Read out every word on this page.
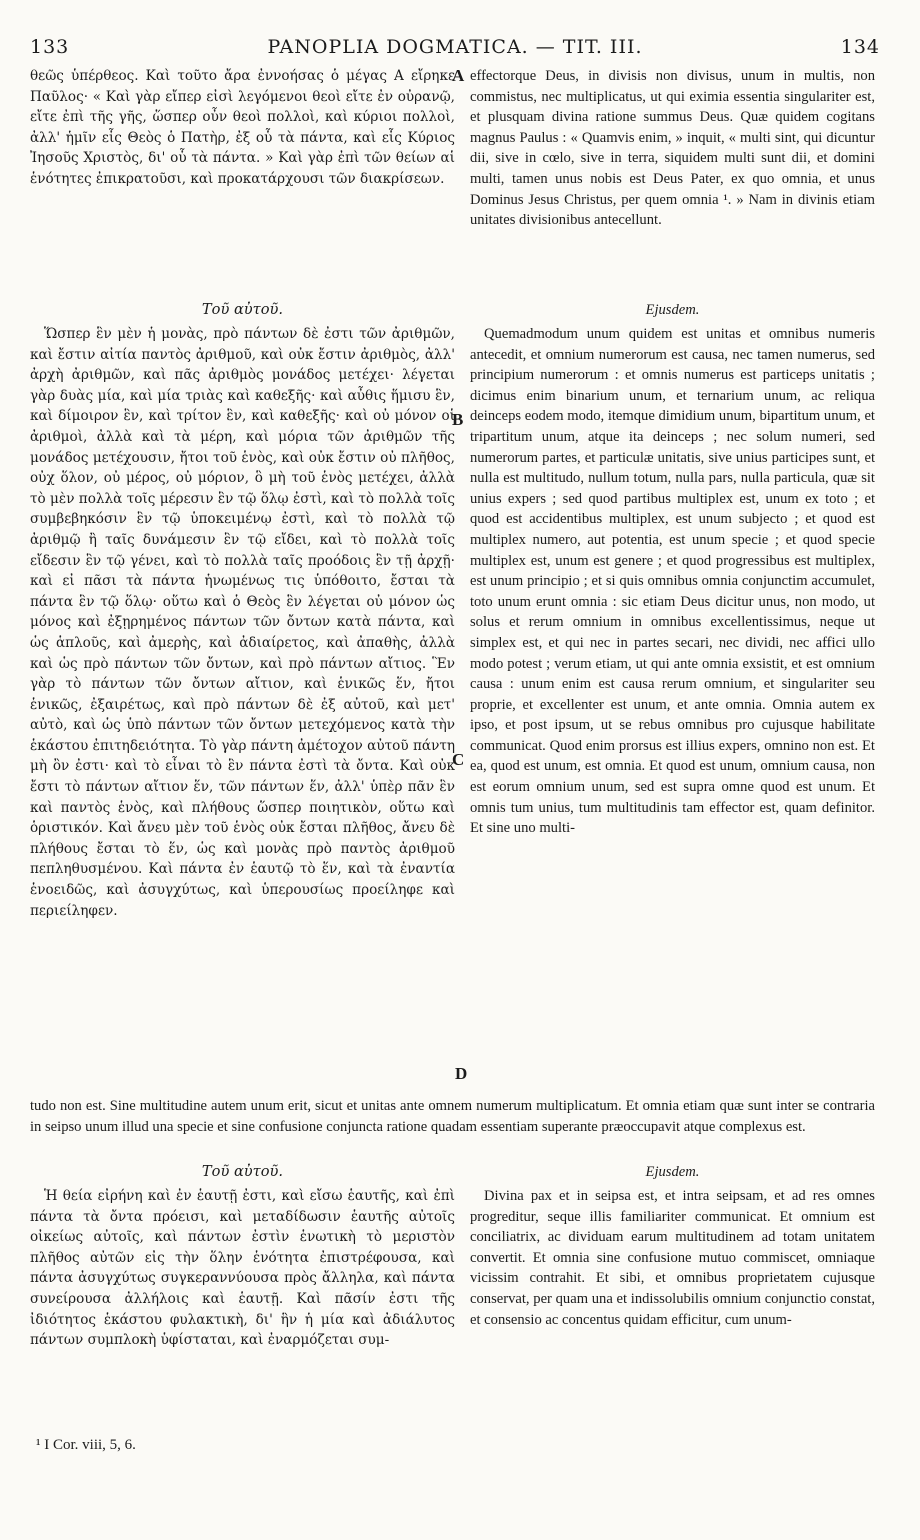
133	PANOPLIA DOGMATICA. — TIT. III.	134

θεῶς ὑπέρθεος. Καὶ τοῦτο ἄρα ἐννοήσας ὁ μέγας Α εἴρηκε Παῦλος· « Καὶ γὰρ εἴπερ εἰσὶ λεγόμενοι θεοὶ εἴτε ἐν οὐρανῷ, εἴτε ἐπὶ τῆς γῆς, ὥσπερ οὖν θεοὶ πολλοὶ, καὶ κύριοι πολλοὶ, ἀλλ' ἡμῖν εἷς Θεὸς ὁ Πατὴρ, ἐξ οὗ τὰ πάντα, καὶ εἷς Κύριος Ἰησοῦς Χριστὸς, δι' οὗ τὰ πάντα. » Καὶ γὰρ ἐπὶ τῶν θείων αἱ ἑνότητες ἐπικρατοῦσι, καὶ προκατάρχουσι τῶν διακρίσεων.

effectorque Deus, in divisis non divisus, unum in multis, non commistus, nec multiplicatus, ut qui eximia essentia singulariter est, et plusquam divina ratione summus Deus. Quæ quidem cogitans magnus Paulus : « Quamvis enim, » inquit, « multi sint, qui dicuntur dii, sive in cœlo, sive in terra, siquidem multi sunt dii, et domini multi, tamen unus nobis est Deus Pater, ex quo omnia, et unus Dominus Jesus Christus, per quem omnia ¹. » Nam in divinis etiam unitates divisionibus antecellunt.

Τοῦ αὐτοῦ.	Ejusdem.

Ὥσπερ ἓν μὲν ἡ μονὰς, πρὸ πάντων δὲ ἐστι τῶν ἀριθμῶν, καὶ ἔστιν αἰτία παντὸς ἀριθμοῦ, καὶ οὐκ ἔστιν ἀριθμὸς, ἀλλ' ἀρχὴ ἀριθμῶν, καὶ πᾶς ἀριθμὸς μονάδος μετέχει· λέγεται γὰρ δυὰς μία, καὶ μία τριὰς καὶ καθεξῆς· καὶ αὖθις ἥμισυ ἓν, καὶ δίμοιρον ἓν, καὶ τρίτον ἓν, καὶ καθεξῆς· καὶ οὐ μόνον οἱ ἀριθμοὶ, ἀλλὰ καὶ τὰ μέρη, καὶ μόρια τῶν ἀριθμῶν τῆς μονάδος μετέχουσιν, ἤτοι τοῦ ἑνὸς, καὶ οὐκ ἔστιν οὐ πλῆθος, οὐχ ὅλον, οὐ μέρος, οὐ μόριον, ὃ μὴ τοῦ ἑνὸς μετέχει, ἀλλὰ τὸ μὲν πολλὰ τοῖς μέρεσιν ἓν τῷ ὅλῳ ἐστὶ, καὶ τὸ πολλὰ τοῖς συμβεβηκόσιν ἓν τῷ ὑποκειμένῳ ἐστὶ, καὶ τὸ πολλὰ τῷ ἀριθμῷ ἢ ταῖς δυνάμεσιν ἓν τῷ εἴδει, καὶ τὸ πολλὰ τοῖς εἴδεσιν ἓν τῷ γένει, καὶ τὸ πολλὰ ταῖς προόδοις ἓν τῇ ἀρχῇ· καὶ εἰ πᾶσι τὰ πάντα ἡνωμένως τις ὑπόθοιτο, ἔσται τὰ πάντα ἓν τῷ ὅλῳ· οὕτω καὶ ὁ Θεὸς ἓν λέγεται οὐ μόνον ὡς μόνος καὶ ἐξῃρημένος πάντων τῶν ὄντων κατὰ πάντα, καὶ ὡς ἁπλοῦς, καὶ ἀμερὴς, καὶ ἀδιαίρετος, καὶ ἀπαθὴς, ἀλλὰ καὶ ὡς πρὸ πάντων τῶν ὄντων, καὶ πρὸ πάντων αἴτιος. Ἓν γὰρ τὸ πάντων τῶν ὄντων αἴτιον, καὶ ἑνικῶς ἕν, ἤτοι ἑνικῶς, ἐξαιρέτως, καὶ πρὸ πάντων δὲ ἐξ αὐτοῦ, καὶ μετ' αὐτὸ, καὶ ὡς ὑπὸ πάντων τῶν ὄντων μετεχόμενος κατὰ τὴν ἑκάστου ἐπιτηδειότητα. Τὸ γὰρ πάντη ἀμέτοχον αὐτοῦ πάντη μὴ ὂν ἐστι· καὶ τὸ εἶναι τὸ ἓν πάντα ἐστὶ τὰ ὄντα. Καὶ οὐκ ἔστι τὸ πάντων αἴτιον ἕν, τῶν πάντων ἕν, ἀλλ' ὑπὲρ πᾶν ἓν καὶ παντὸς ἑνὸς, καὶ πλήθους ὥσπερ ποιητικὸν, οὕτω καὶ ὁριστικόν. Καὶ ἄνευ μὲν τοῦ ἑνὸς οὐκ ἔσται πλῆθος, ἄνευ δὲ πλήθους ἔσται τὸ ἕν, ὡς καὶ μονὰς πρὸ παντὸς ἀριθμοῦ πεπληθυσμένου. Καὶ πάντα ἐν ἑαυτῷ τὸ ἕν, καὶ τὰ ἐναντία ἑνοειδῶς, καὶ ἀσυγχύτως, καὶ ὑπερουσίως προείληφε καὶ περιείληφεν.

Quemadmodum unum quidem est unitas et omnibus numeris antecedit, et omnium numerorum est causa, nec tamen numerus, sed principium numerorum : et omnis numerus est particeps unitatis ; dicimus enim binarium unum, et ternarium unum, ac reliqua deinceps eodem modo, itemque dimidium unum, bipartitum unum, et tripartitum unum, atque ita deinceps ; nec solum numeri, sed numerorum partes, et particulæ unitatis, sive unius participes sunt, et nulla est multitudo, nullum totum, nulla pars, nulla particula, quæ sit unius expers ; sed quod partibus multiplex est, unum ex toto ; et quod est accidentibus multiplex, est unum subjecto ; et quod est multiplex numero, aut potentia, est unum specie ; et quod specie multiplex est, unum est genere ; et quod progressibus est multiplex, est unum principio ; et si quis omnibus omnia conjunctim accumulet, toto unum erunt omnia : sic etiam Deus dicitur unus, non modo, ut solus et rerum omnium in omnibus excellentissimus, neque ut simplex est, et qui nec in partes secari, nec dividi, nec affici ullo modo potest ; verum etiam, ut qui ante omnia exsistit, et est omnium causa : unum enim est causa rerum omnium, et singulariter seu proprie, et excellenter est unum, et ante omnia. Omnia autem ex ipso, et post ipsum, ut se rebus omnibus pro cujusque habilitate communicat. Quod enim prorsus est illius expers, omnino non est. Et ea, quod est unum, est omnia. Et quod est unum, omnium causa, non est eorum omnium unum, sed est supra omne quod est unum. Et omnis tum unius, tum multitudinis tam effector est, quam definitor. Et sine uno multi-

tudo non est. Sine multitudine autem unum erit, sicut et unitas ante omnem numerum multiplicatum. Et omnia etiam quæ sunt inter se contraria in seipso unum illud una specie et sine confusione conjuncta ratione quadam essentiam superante præoccupavit atque complexus est.

Τοῦ αὐτοῦ.	Ejusdem.

Ἡ θεία εἰρήνη καὶ ἐν ἑαυτῇ ἐστι, καὶ εἴσω ἑαυτῆς, καὶ ἐπὶ πάντα τὰ ὄντα πρόεισι, καὶ μεταδίδωσιν ἑαυτῆς αὐτοῖς οἰκείως αὐτοῖς, καὶ πάντων ἐστὶν ἑνωτικὴ τὸ μεριστὸν πλῆθος αὐτῶν εἰς τὴν ὅλην ἑνότητα ἐπιστρέφουσα, καὶ πάντα ἀσυγχύτως συγκεραννύουσα πρὸς ἄλληλα, καὶ πάντα συνείρουσα ἀλλήλοις καὶ ἑαυτῇ. Καὶ πᾶσίν ἐστι τῆς ἰδιότητος ἑκάστου φυλακτικὴ, δι' ἣν ἡ μία καὶ ἀδιάλυτος πάντων συμπλοκὴ ὑφίσταται, καὶ ἐναρμόζεται συμ-

Divina pax et in seipsa est, et intra seipsam, et ad res omnes progreditur, seque illis familiariter communicat. Et omnium est conciliatrix, ac dividuam earum multitudinem ad totam unitatem convertit. Et omnia sine confusione mutuo commiscet, omniaque vicissim contrahit. Et sibi, et omnibus proprietatem cujusque conservat, per quam una et indissolubilis omnium conjunctio constat, et consensio ac concentus quidam efficitur, cum unum-

A
B
C
D
¹ I Cor. viii, 5, 6.
